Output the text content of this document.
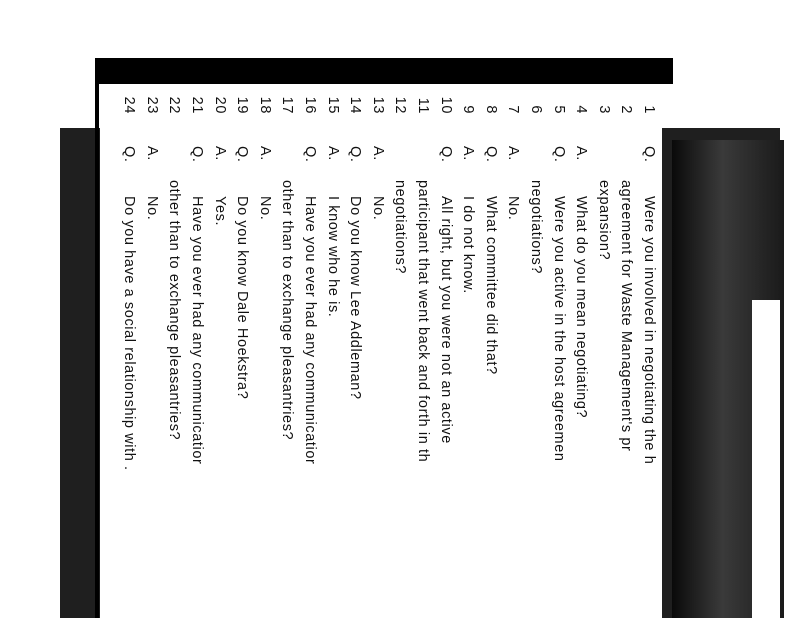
1
Q.
Were you involved in negotiating the h
2
agreement for Waste Management's pr
3
expansion?
4
A.
What do you mean negotiating?
5
Q.
Were you active in the host agreemen
6
negotiations?
7
A.
No.
8
Q.
What committee did that?
9
A.
I do not know.
10
Q.
All right, but you were not an active
11
participant that went back and forth in th
12
negotiations?
13
A.
No.
14
Q.
Do you know Lee Addleman?
15
A.
I know who he is.
16
Q.
Have you ever had any communicatior
17
other than to exchange pleasantries?
18
A.
No.
19
Q.
Do you know Dale Hoekstra?
20
A.
Yes.
21
Q.
Have you ever had any communicatior
22
other than to exchange pleasantries?
23
A.
No.
24
Q.
Do you have a social relationship with .
